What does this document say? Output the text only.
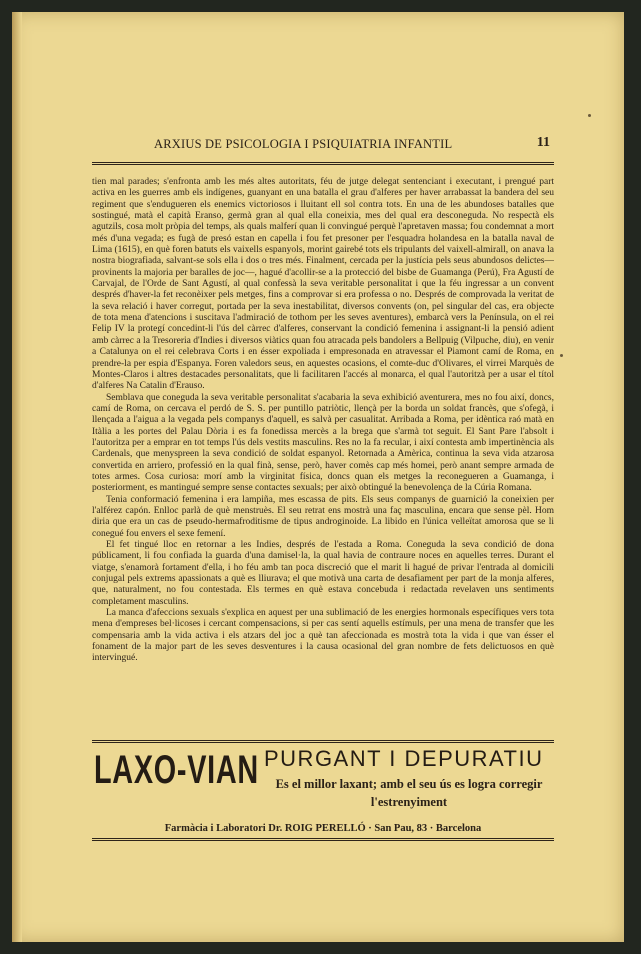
ARXIUS DE PSICOLOGIA I PSIQUIATRIA INFANTIL	11

tien mal parades; s'enfronta amb les més altes autoritats, féu de jutge delegat sentenciant i executant, i prengué part activa en les guerres amb els indígenes, guanyant en una batalla el grau d'alferes per haver arrabassat la bandera del seu regiment que s'endugueren els enemics victoriosos i lluitant ell sol contra tots. En una de les abundoses batalles que sostingué, matà el capità Eranso, germà gran al qual ella coneixia, mes del qual era desconeguda. No respectà els agutzils, cosa molt pròpia del temps, als quals malferí quan li convingué perquè l'apretaven massa; fou condemnat a mort més d'una vegada; es fugà de presó estan en capella i fou fet presoner per l'esquadra holandesa en la batalla naval de Lima (1615), en què foren batuts els vaixells espanyols, morint gairebé tots els tripulants del vaixell-almirall, on anava la nostra biografiada, salvant-se sols ella i dos o tres més. Finalment, cercada per la justícia pels seus abundosos delictes—provinents la majoria per baralles de joc—, hagué d'acollir-se a la protecció del bisbe de Guamanga (Perú), Fra Agustí de Carvajal, de l'Orde de Sant Agustí, al qual confessà la seva veritable personalitat i que la féu ingressar a un convent després d'haver-la fet reconèixer pels metges, fins a comprovar si era professa o no. Després de comprovada la veritat de la seva relació i haver corregut, portada per la seva inestabilitat, diversos convents (on, pel singular del cas, era objecte de tota mena d'atencions i suscitava l'admiració de tothom per les seves aventures), embarcà vers la Península, on el rei Felip IV la protegí concedint-li l'ús del càrrec d'alferes, conservant la condició femenina i assignant-li la pensió adient amb càrrec a la Tresoreria d'Indies i diversos viàtics quan fou atracada pels bandolers a Bellpuig (Vilpuche, diu), en venir a Catalunya on el rei celebrava Corts i en ésser expoliada i empresonada en atravessar el Piamont camí de Roma, en prendre-la per espia d'Espanya. Foren valedors seus, en aquestes ocasions, el comte-duc d'Olivares, el virrei Marquès de Montes-Claros i altres destacades personalitats, que li facilitaren l'accés al monarca, el qual l'autoritzà per a usar el títol d'alferes Na Catalin d'Erauso.

Semblava que coneguda la seva veritable personalitat s'acabaria la seva exhibició aventurera, mes no fou així, doncs, camí de Roma, on cercava el perdó de S. S. per puntillo patriòtic, llençà per la borda un soldat francès, que s'ofegà, i llençada a l'aigua a la vegada pels companys d'aquell, es salvà per casualitat. Arribada a Roma, per idèntica raó matà en Itàlia a les portes del Palau Dòria i es fa fonedissa mercès a la brega que s'armà tot seguit. El Sant Pare l'absolt i l'autoritza per a emprar en tot temps l'ús dels vestits masculins. Res no la fa recular, i així contesta amb impertinència als Cardenals, que menyspreen la seva condició de soldat espanyol. Retornada a Amèrica, continua la seva vida atzarosa convertida en arriero, professió en la qual finà, sense, però, haver comès cap més homei, però anant sempre armada de totes armes. Cosa curiosa: morí amb la virginitat física, doncs quan els metges la reconegueren a Guamanga, i posteriorment, es mantingué sempre sense contactes sexuals; per això obtingué la benevolença de la Cúria Romana.

Tenia conformació femenina i era lampiña, mes escassa de pits. Els seus companys de guarnició la coneixien per l'alférez capón. Enlloc parlà de què menstruès. El seu retrat ens mostrà una faç masculina, encara que sense pèl. Hom diria que era un cas de pseudo-hermafroditisme de tipus androginoide. La libido en l'única velleïtat amorosa que se li conegué fou envers el sexe femení.

El fet tingué lloc en retornar a les Indies, després de l'estada a Roma. Coneguda la seva condició de dona públicament, li fou confiada la guarda d'una damisel·la, la qual havia de contraure noces en aquelles terres. Durant el viatge, s'enamorà fortament d'ella, i ho féu amb tan poca discreció que el marit li hagué de privar l'entrada al domicili conjugal pels extrems apassionats a què es lliurava; el que motivà una carta de desafiament per part de la monja alferes, que, naturalment, no fou contestada. Els termes en què estava concebuda i redactada revelaven uns sentiments completament masculins.

La manca d'afeccions sexuals s'explica en aquest per una sublimació de les energies hormonals específiques vers tota mena d'empreses bel·licoses i cercant compensacions, si per cas sentí aquells estímuls, per una mena de transfer que les compensaria amb la vida activa i els atzars del joc a què tan afeccionada es mostrà tota la vida i que van ésser el fonament de la major part de les seves desventures i la causa ocasional del gran nombre de fets delictuosos en què intervingué.

LAXO-VIAN PURGANT I DEPURATIU
Es el millor laxant; amb el seu ús es logra corregir l'estrenyiment
Farmàcia i Laboratori Dr. ROIG PERELLÓ · San Pau, 83 · Barcelona
